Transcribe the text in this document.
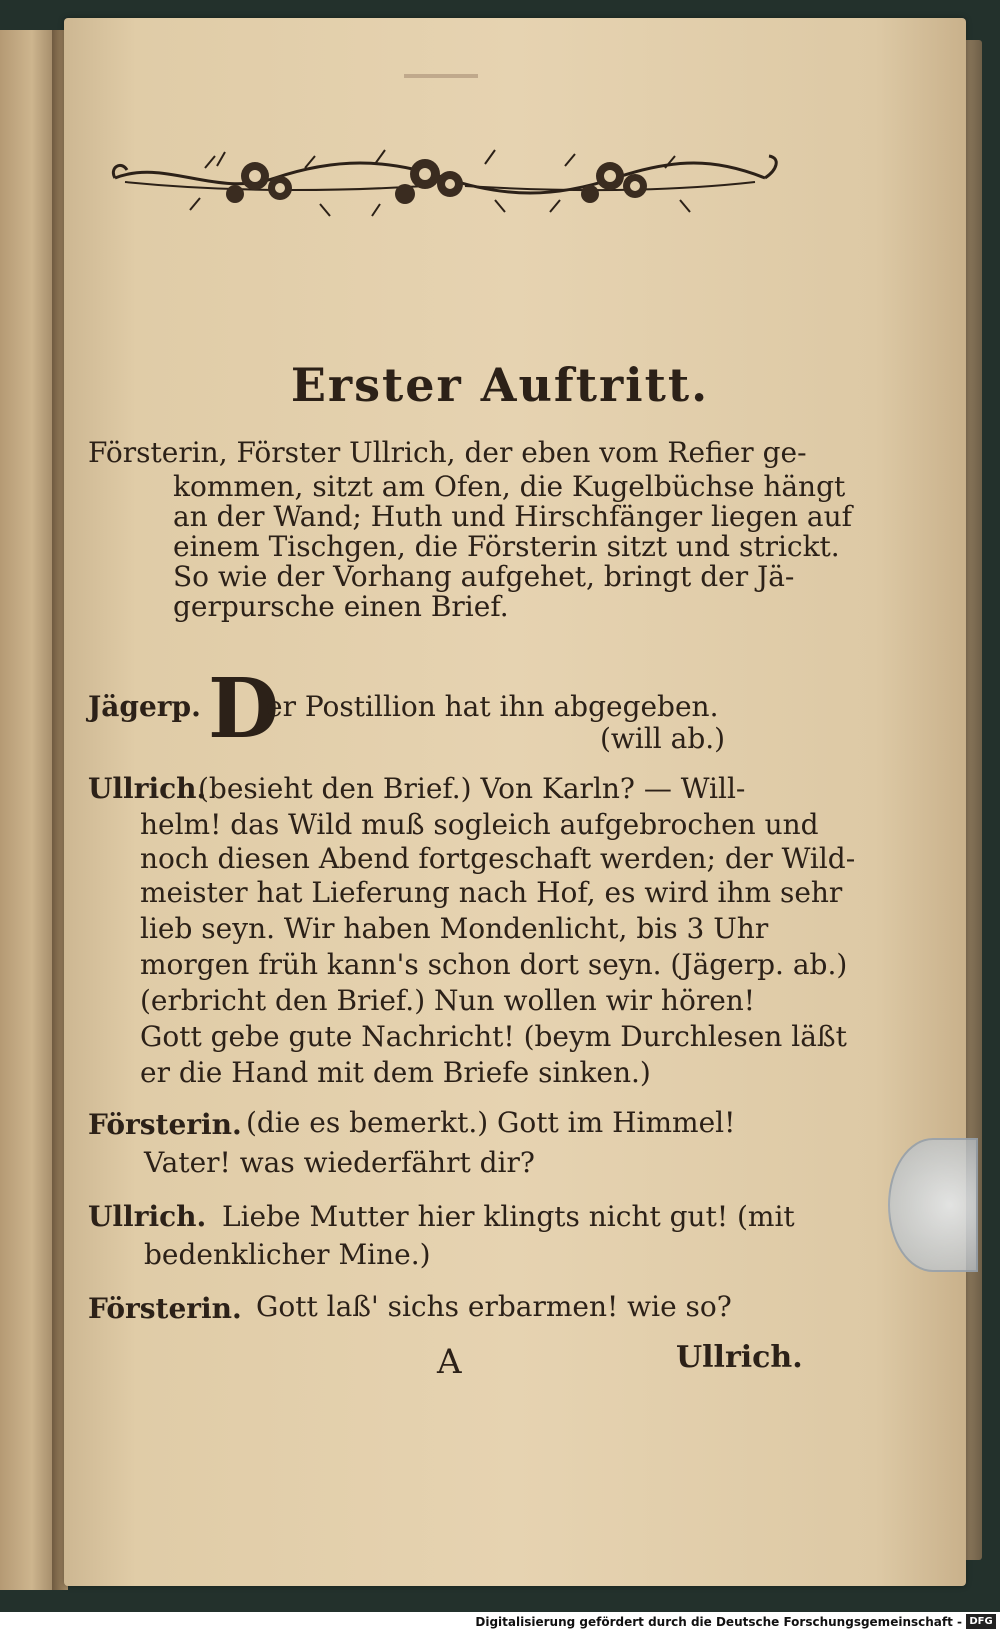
Erster Auftritt.
Försterin, Förster Ullrich, der eben vom Refier ge-
kommen, sitzt am Ofen, die Kugelbüchse hängt
an der Wand; Huth und Hirschfänger liegen auf
einem Tischgen, die Försterin sitzt und strickt.
So wie der Vorhang aufgehet, bringt der Jä-
gerpursche einen Brief.
Jägerp. D
er Postillion hat ihn abgegeben.
(will ab.)
Ullrich.
(besieht den Brief.) Von Karln? — Will-
helm! das Wild muß sogleich aufgebrochen und
noch diesen Abend fortgeschaft werden; der Wild-
meister hat Lieferung nach Hof, es wird ihm sehr
lieb seyn. Wir haben Mondenlicht, bis 3 Uhr
morgen früh kann's schon dort seyn. (Jägerp. ab.)
(erbricht den Brief.) Nun wollen wir hören!
Gott gebe gute Nachricht! (beym Durchlesen läßt
er die Hand mit dem Briefe sinken.)
Försterin. (die es bemerkt.) Gott im Himmel!
Vater! was wiederfährt dir?
Ullrich. Liebe Mutter hier klingts nicht gut! (mit
bedenklicher Mine.)
Försterin. Gott laß' sichs erbarmen! wie so?
A	Ullrich.
Digitalisierung gefördert durch die Deutsche Forschungsgemeinschaft - DFG
